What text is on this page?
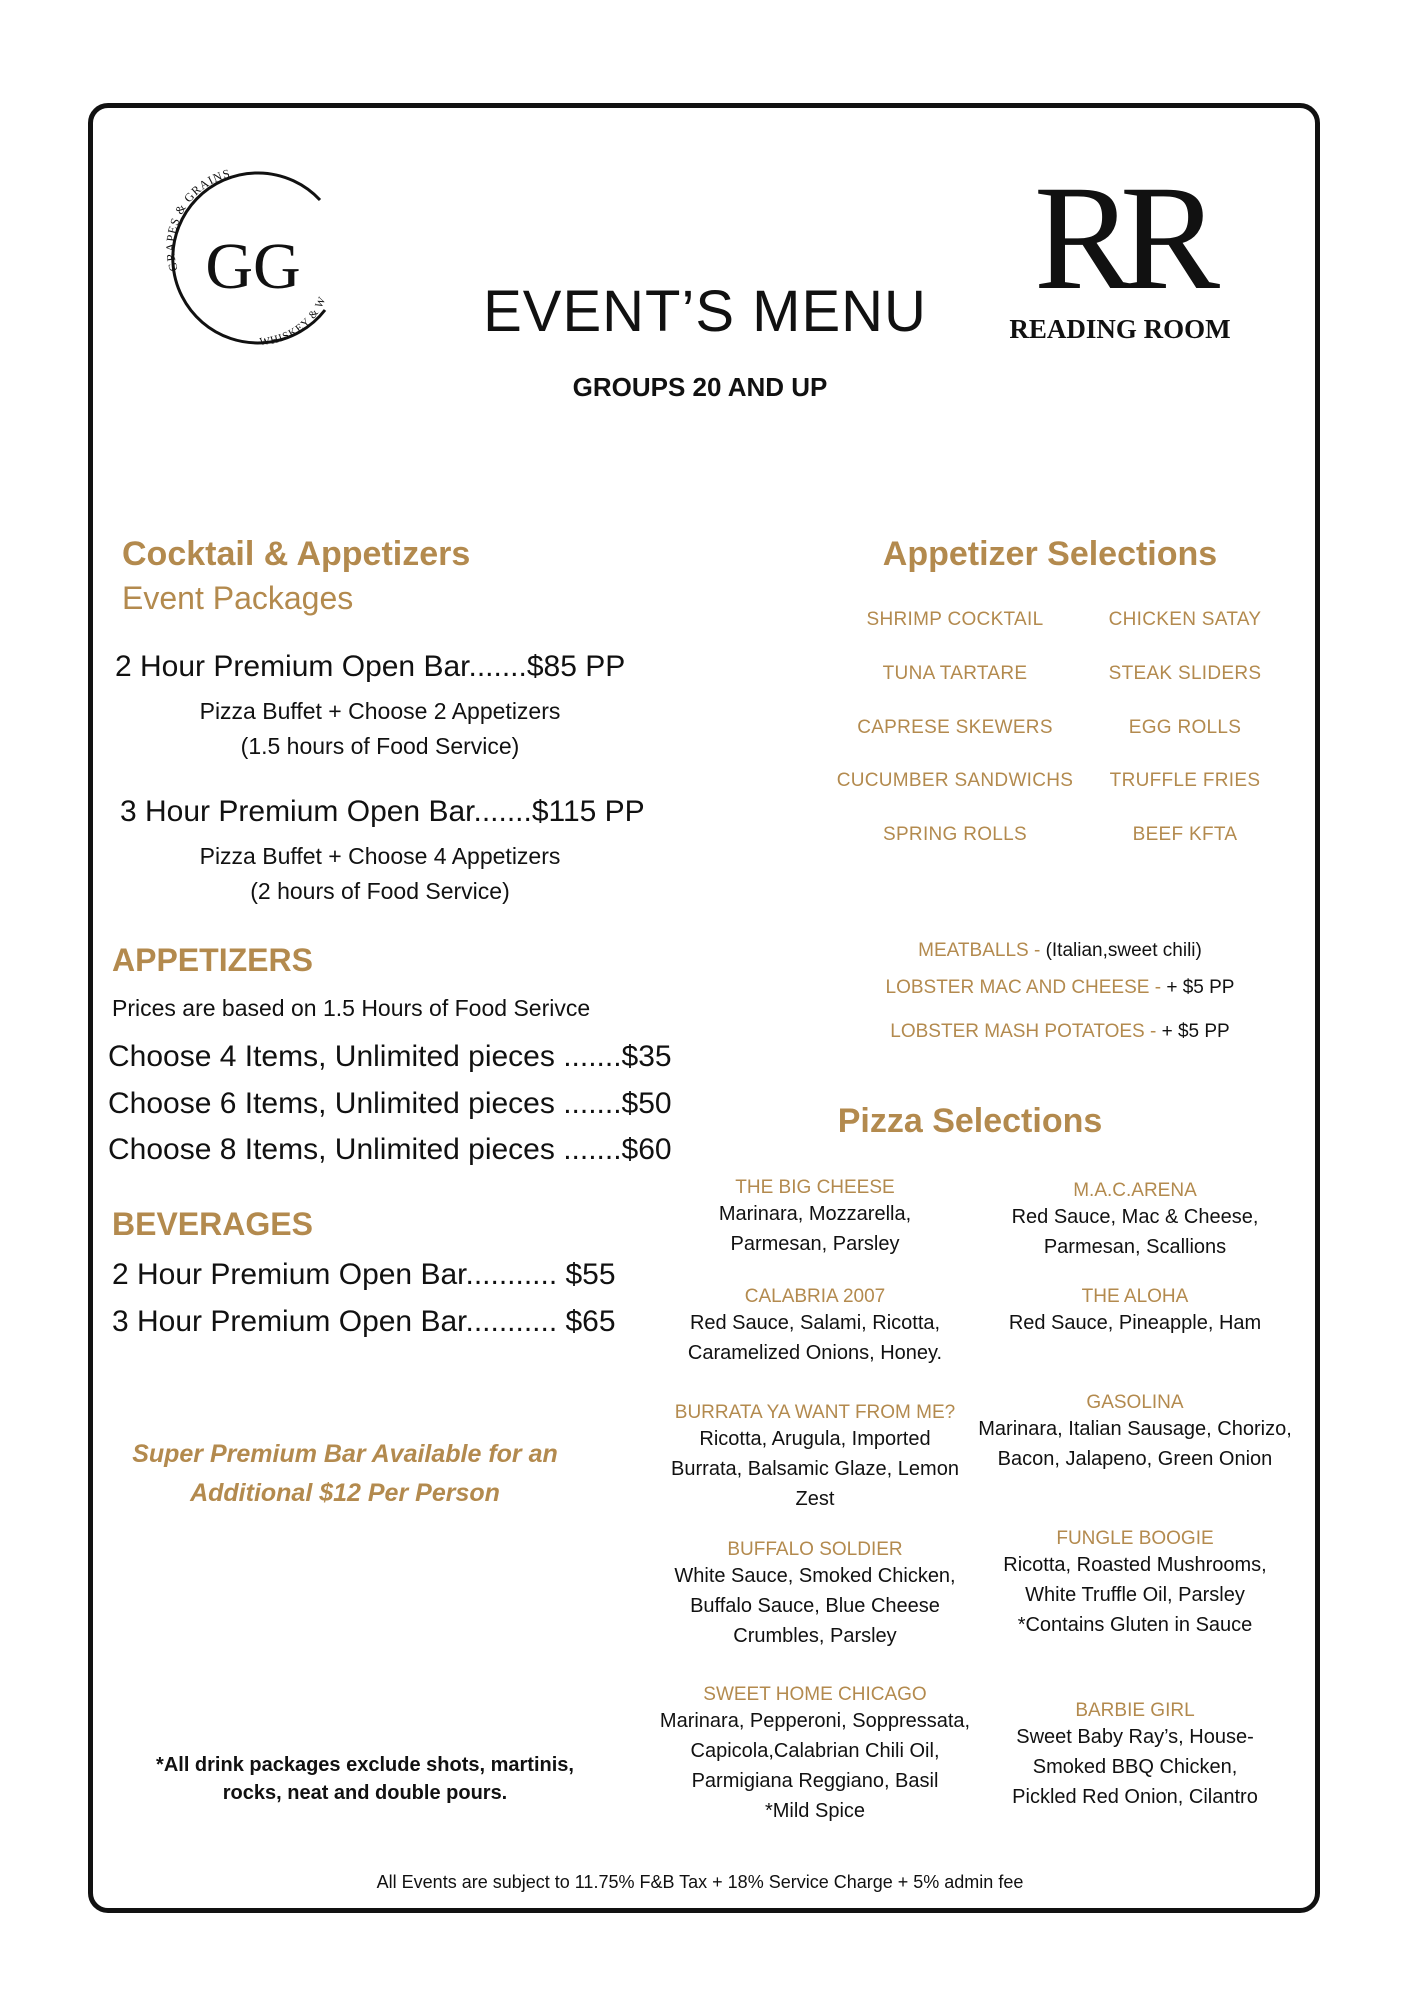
GRAPES & GRAINS
WHISKEY & W
GG	RR
READING ROOM
EVENT’S MENU
GROUPS 20 AND UP
Cocktail & Appetizers
Event Packages
2 Hour Premium Open Bar.......$85 PP
Pizza Buffet + Choose 2 Appetizers
(1.5 hours of Food Service)
3 Hour Premium Open Bar.......$115 PP
Pizza Buffet + Choose 4 Appetizers
(2 hours of Food Service)
APPETIZERS
Prices are based on 1.5 Hours of Food Serivce
Choose 4 Items, Unlimited pieces .......$35
Choose 6 Items, Unlimited pieces .......$50
Choose 8 Items, Unlimited pieces .......$60
BEVERAGES
2 Hour Premium Open Bar........... $55
3 Hour Premium Open Bar........... $65
Super Premium Bar Available for an
Additional $12 Per Person
*All drink packages exclude shots, martinis,
rocks, neat and double pours.
Appetizer Selections
SHRIMP COCKTAIL
TUNA TARTARE
CAPRESE SKEWERS
CUCUMBER SANDWICHS
SPRING ROLLS
CHICKEN SATAY
STEAK SLIDERS
EGG ROLLS
TRUFFLE FRIES
BEEF KFTA
MEATBALLS - (Italian,sweet chili)
LOBSTER MAC AND CHEESE - + $5 PP
LOBSTER MASH POTATOES - + $5 PP
Pizza Selections
THE BIG CHEESE
Marinara, Mozzarella,
Parmesan, Parsley
CALABRIA 2007
Red Sauce, Salami, Ricotta,
Caramelized Onions, Honey.
BURRATA YA WANT FROM ME?
Ricotta, Arugula, Imported
Burrata, Balsamic Glaze, Lemon
Zest
BUFFALO SOLDIER
White Sauce, Smoked Chicken,
Buffalo Sauce, Blue Cheese
Crumbles, Parsley
SWEET HOME CHICAGO
Marinara, Pepperoni, Soppressata,
Capicola,Calabrian Chili Oil,
Parmigiana Reggiano, Basil
*Mild Spice
M.A.C.ARENA
Red Sauce, Mac & Cheese,
Parmesan, Scallions
THE ALOHA
Red Sauce, Pineapple, Ham
GASOLINA
Marinara, Italian Sausage, Chorizo,
Bacon, Jalapeno, Green Onion
FUNGLE BOOGIE
Ricotta, Roasted Mushrooms,
White Truffle Oil, Parsley
*Contains Gluten in Sauce
BARBIE GIRL
Sweet Baby Ray’s, House-
Smoked BBQ Chicken,
Pickled Red Onion, Cilantro
All Events are subject to 11.75% F&B Tax + 18% Service Charge + 5% admin fee
